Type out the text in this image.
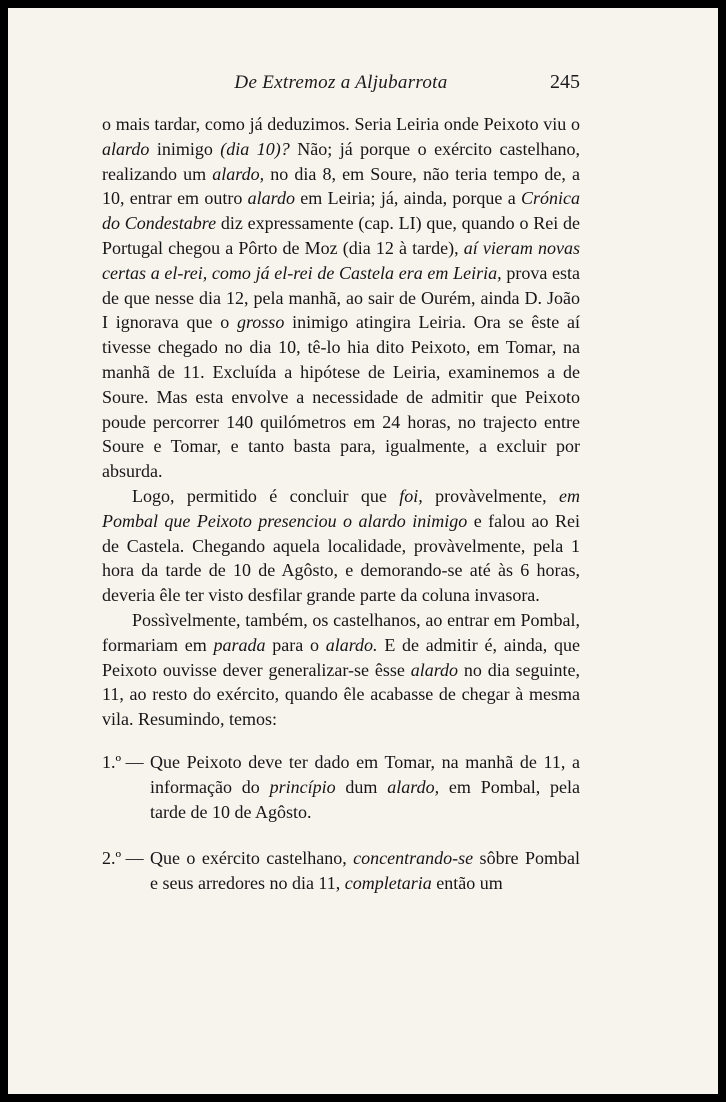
De Extremoz a Aljubarrota	245

o mais tardar, como já deduzimos. Seria Leiria onde Peixoto viu o alardo inimigo (dia 10)? Não; já porque o exército castelhano, realizando um alardo, no dia 8, em Soure, não teria tempo de, a 10, entrar em outro alardo em Leiria; já, ainda, porque a Crónica do Condestabre diz expressamente (cap. LI) que, quando o Rei de Portugal chegou a Pôrto de Moz (dia 12 à tarde), aí vieram novas certas a el-rei, como já el-rei de Castela era em Leiria, prova esta de que nesse dia 12, pela manhã, ao sair de Ourém, ainda D. João I ignorava que o grosso inimigo atingira Leiria. Ora se êste aí tivesse chegado no dia 10, tê-lo hia dito Peixoto, em Tomar, na manhã de 11. Excluída a hipótese de Leiria, examinemos a de Soure. Mas esta envolve a necessidade de admitir que Peixoto poude percorrer 140 quilómetros em 24 horas, no trajecto entre Soure e Tomar, e tanto basta para, igualmente, a excluir por absurda.

Logo, permitido é concluir que foi, provàvelmente, em Pombal que Peixoto presenciou o alardo inimigo e falou ao Rei de Castela. Chegando aquela localidade, provàvelmente, pela 1 hora da tarde de 10 de Agôsto, e demorando-se até às 6 horas, deveria êle ter visto desfilar grande parte da coluna invasora.

Possìvelmente, também, os castelhanos, ao entrar em Pombal, formariam em parada para o alardo. E de admitir é, ainda, que Peixoto ouvisse dever generalizar-se êsse alardo no dia seguinte, 11, ao resto do exército, quando êle acabasse de chegar à mesma vila. Resumindo, temos:

1.º — Que Peixoto deve ter dado em Tomar, na manhã de 11, a informação do princípio dum alardo, em Pombal, pela tarde de 10 de Agôsto.
2.º — Que o exército castelhano, concentrando-se sôbre Pombal e seus arredores no dia 11, completaria então um
